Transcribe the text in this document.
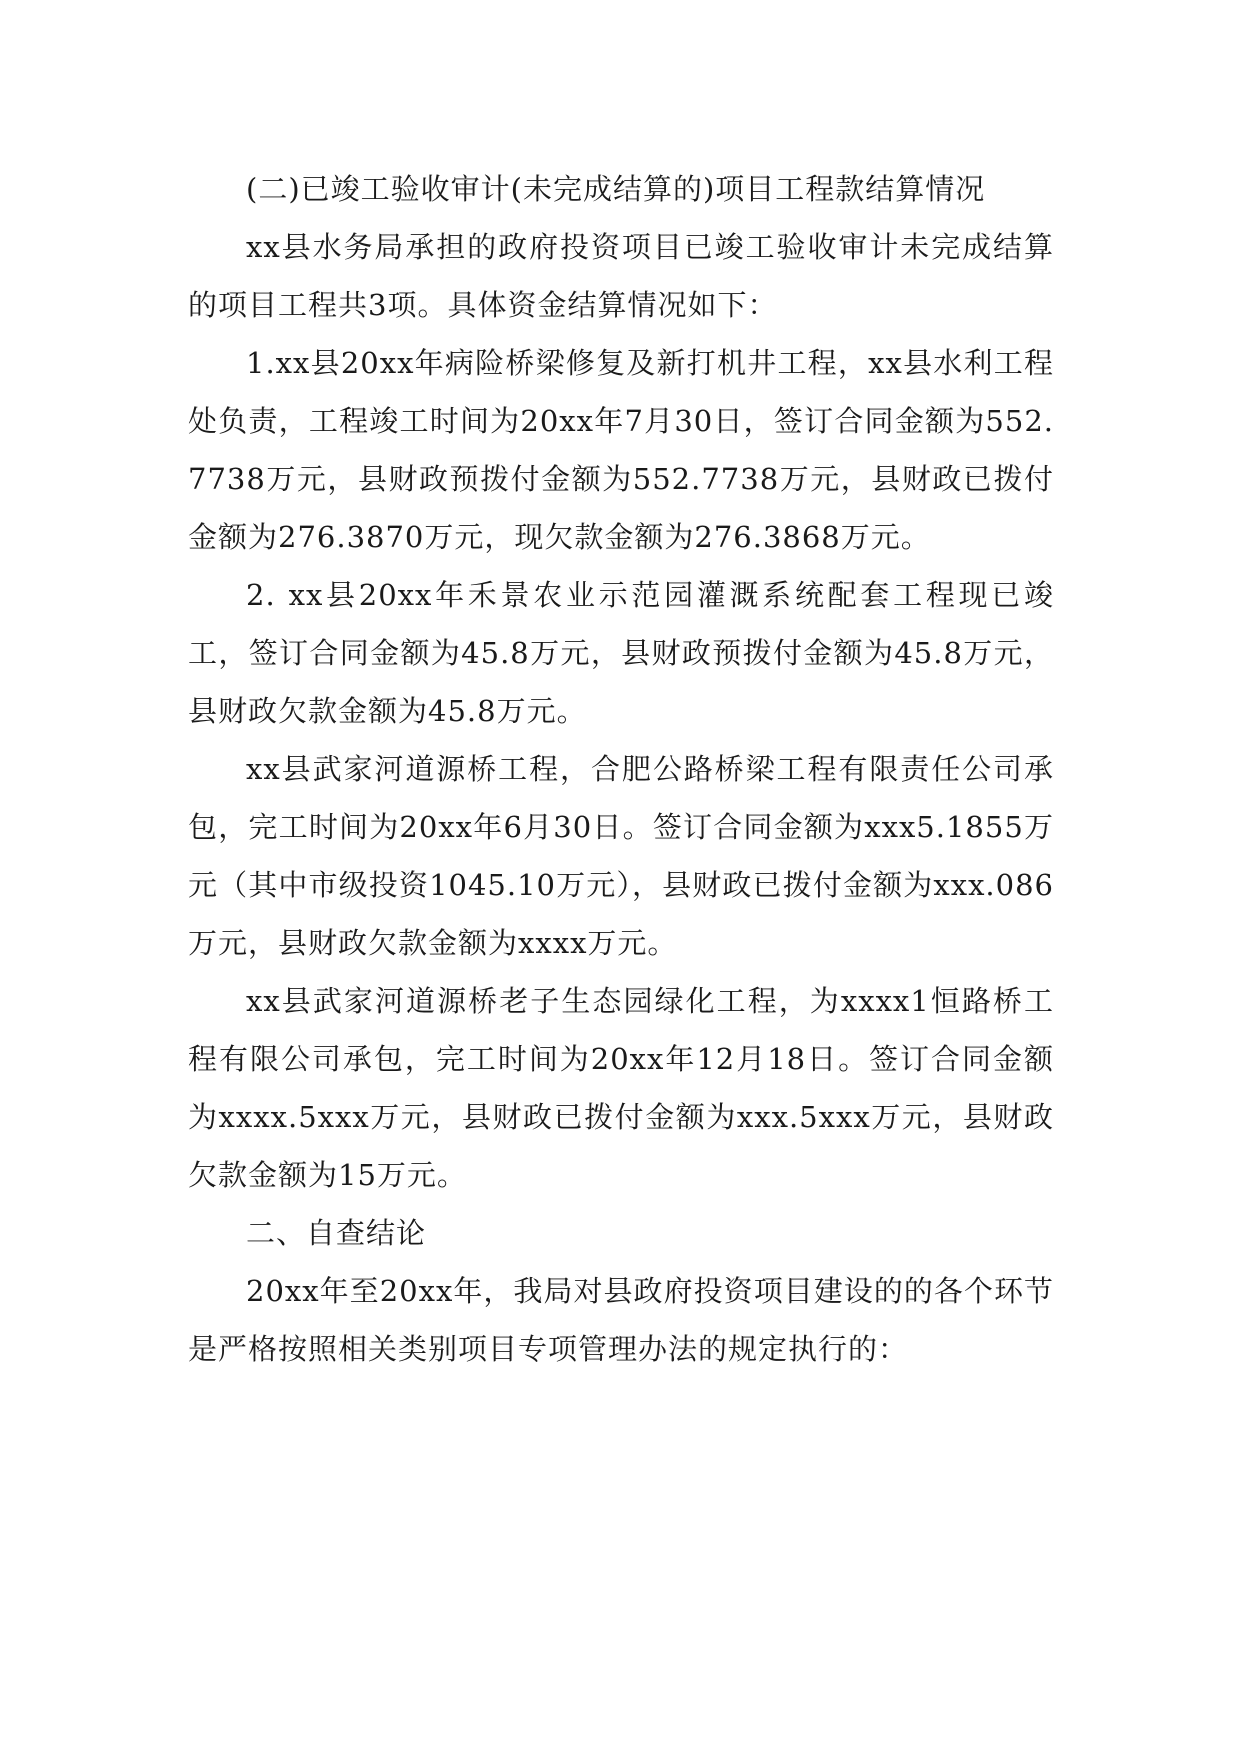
(二)已竣工验收审计(未完成结算的)项目工程款结算情况

xx县水务局承担的政府投资项目已竣工验收审计未完成结算的项目工程共3项。具体资金结算情况如下：

1.xx县20xx年病险桥梁修复及新打机井工程，xx县水利工程处负责，工程竣工时间为20xx年7月30日，签订合同金额为552.7738万元，县财政预拨付金额为552.7738万元，县财政已拨付金额为276.3870万元，现欠款金额为276.3868万元。

2. xx县20xx年禾景农业示范园灌溉系统配套工程现已竣工，签订合同金额为45.8万元，县财政预拨付金额为45.8万元，县财政欠款金额为45.8万元。

xx县武家河道源桥工程，合肥公路桥梁工程有限责任公司承包，完工时间为20xx年6月30日。签订合同金额为xxx5.1855万元（其中市级投资1045.10万元），县财政已拨付金额为xxx.086万元，县财政欠款金额为xxxx万元。

xx县武家河道源桥老子生态园绿化工程，为xxxx1恒路桥工程有限公司承包，完工时间为20xx年12月18日。签订合同金额为xxxx.5xxx万元，县财政已拨付金额为xxx.5xxx万元，县财政欠款金额为15万元。

二、自查结论

20xx年至20xx年，我局对县政府投资项目建设的的各个环节是严格按照相关类别项目专项管理办法的规定执行的：
